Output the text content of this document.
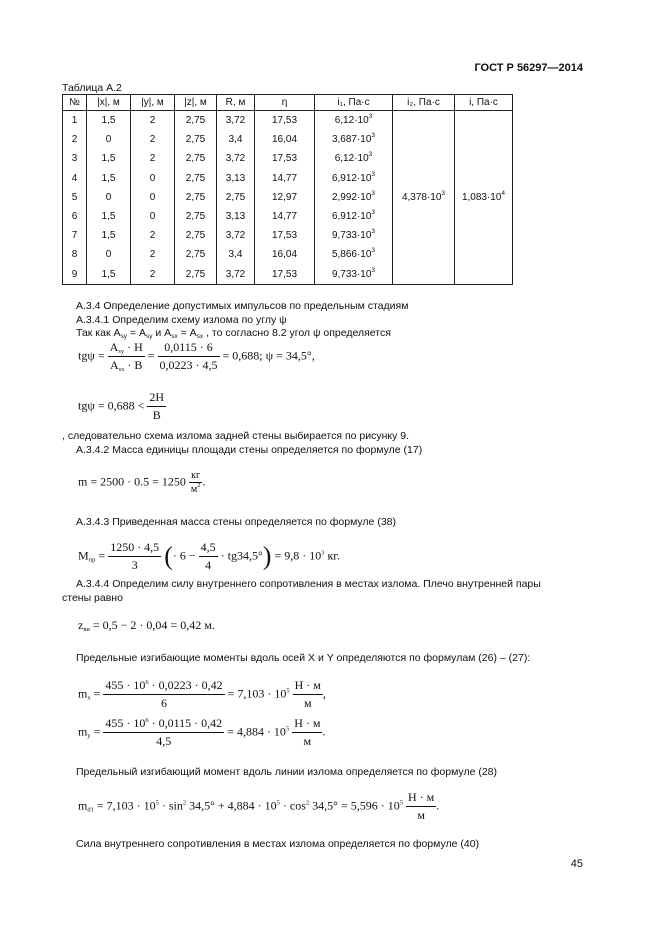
ГОСТ Р 56297—2014
Таблица А.2
№	|x|, м	|y|, м	|z|, м	R, м	η	i₁, Па·с	i₂, Па·с	i, Па·с
1	1,5	2	2,75	3,72	17,53	$6,12\cdot 10^3$	$4,378\cdot 10^3$	$1,083\cdot 10^4$
2	0	2	2,75	3,4	16,04	$3,687\cdot 10^3$
3	1,5	2	2,75	3,72	17,53	$6,12\cdot 10^3$
4	1,5	0	2,75	3,13	14,77	$6,912\cdot 10^3$
5	0	0	2,75	2,75	12,97	$2,992\cdot 10^3$
6	1,5	0	2,75	3,13	14,77	$6,912\cdot 10^3$
7	1,5	2	2,75	3,72	17,53	$9,733\cdot 10^3$
8	0	2	2,75	3,4	16,04	$5,866\cdot 10^3$
9	1,5	2	2,75	3,72	17,53	$9,733\cdot 10^3$
А.3.4 Определение допустимых импульсов по предельным стадиям
А.3.4.1 Определим схему излома по углу ψ
Так как $А_{sy} = А_{sy}$ и $А_{sx} = А_{sx}$ , то согласно 8.2 угол ψ определяется
$tg\psi = \frac{A_{sy} \cdot H}{A_{sx} \cdot B} = \frac{0,0115 \cdot 6}{0,0223 \cdot 4,5} = 0,688$; ψ = 34,5°,
$tg\psi = 0,688 < \frac{2H}{B}$
, следовательно схема излома задней стены выбирается по рисунку 9.
А.3.4.2 Масса единицы площади стены определяется по формуле (17)
$m = 2500 \cdot 0.5 = 1250 \frac{кг}{м^2}$ .
А.3.4.3 Приведенная масса стены определяется по формуле (38)
$M_{пр} = \frac{1250 \cdot 4,5}{3}$ (· $6 - \frac{4,5}{4} \cdot tg34,5^\circ) = 9,8 \cdot 10^3$ кг.
А.3.4.4 Определим силу внутреннего сопротивления в местах излома. Плечо внутренней пары
стены равно
$z_{ви} = 0,5 - 2 \cdot 0,04 = 0,42$ м.
Предельные изгибающие моменты вдоль осей X и Y определяются по формулам (26) – (27):
$m_x = \frac{455 \cdot 10^6 \cdot 0,0223 \cdot 0,42}{6} = 7,103 \cdot 10^5 \frac{Н \cdot м}{м}$ ,
$m_y = \frac{455 \cdot 10^6 \cdot 0,0115 \cdot 0,42}{4,5} = 4,884 \cdot 10^5 \frac{Н \cdot м}{м}$ .
Предельный изгибающий момент вдоль линии излома определяется по формуле (28)
$m_{d1} = 7,103 \cdot 10^5 \cdot \sin^2 34,5^\circ + 4,884 \cdot 10^5 \cdot \cos^2 34,5^\circ = 5,596 \cdot 10^5 \frac{Н \cdot м}{м}$ .
Сила внутреннего сопротивления в местах излома определяется по формуле (40)
45
